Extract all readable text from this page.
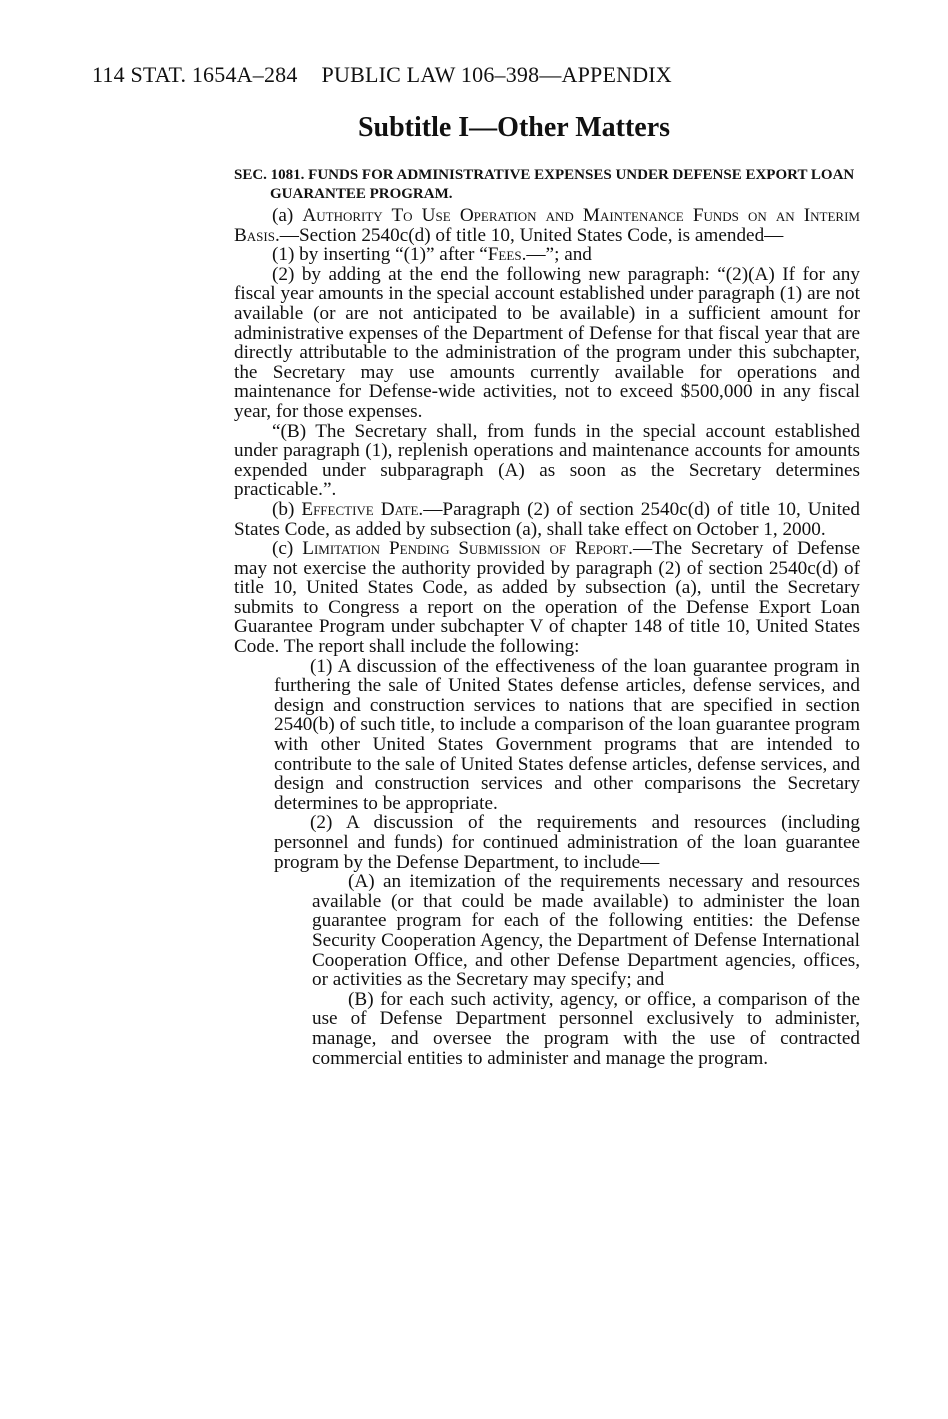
114 STAT. 1654A–284 PUBLIC LAW 106–398—APPENDIX
Subtitle I—Other Matters
SEC. 1081. FUNDS FOR ADMINISTRATIVE EXPENSES UNDER DEFENSE EXPORT LOAN GUARANTEE PROGRAM.

(a) Authority To Use Operation and Maintenance Funds on an Interim Basis.—Section 2540c(d) of title 10, United States Code, is amended—

(1) by inserting “(1)” after “Fees.—”; and

(2) by adding at the end the following new paragraph: “(2)(A) If for any fiscal year amounts in the special account established under paragraph (1) are not available (or are not anticipated to be available) in a sufficient amount for administrative expenses of the Department of Defense for that fiscal year that are directly attributable to the administration of the program under this subchapter, the Secretary may use amounts currently available for operations and maintenance for Defense-wide activities, not to exceed $500,000 in any fiscal year, for those expenses.

“(B) The Secretary shall, from funds in the special account established under paragraph (1), replenish operations and maintenance accounts for amounts expended under subparagraph (A) as soon as the Secretary determines practicable.”.

(b) Effective Date.—Paragraph (2) of section 2540c(d) of title 10, United States Code, as added by subsection (a), shall take effect on October 1, 2000.

(c) Limitation Pending Submission of Report.—The Secretary of Defense may not exercise the authority provided by paragraph (2) of section 2540c(d) of title 10, United States Code, as added by subsection (a), until the Secretary submits to Congress a report on the operation of the Defense Export Loan Guarantee Program under subchapter V of chapter 148 of title 10, United States Code. The report shall include the following:

(1) A discussion of the effectiveness of the loan guarantee program in furthering the sale of United States defense articles, defense services, and design and construction services to nations that are specified in section 2540(b) of such title, to include a comparison of the loan guarantee program with other United States Government programs that are intended to contribute to the sale of United States defense articles, defense services, and design and construction services and other comparisons the Secretary determines to be appropriate.

(2) A discussion of the requirements and resources (including personnel and funds) for continued administration of the loan guarantee program by the Defense Department, to include—

(A) an itemization of the requirements necessary and resources available (or that could be made available) to administer the loan guarantee program for each of the following entities: the Defense Security Cooperation Agency, the Department of Defense International Cooperation Office, and other Defense Department agencies, offices, or activities as the Secretary may specify; and

(B) for each such activity, agency, or office, a comparison of the use of Defense Department personnel exclusively to administer, manage, and oversee the program with the use of contracted commercial entities to administer and manage the program.
